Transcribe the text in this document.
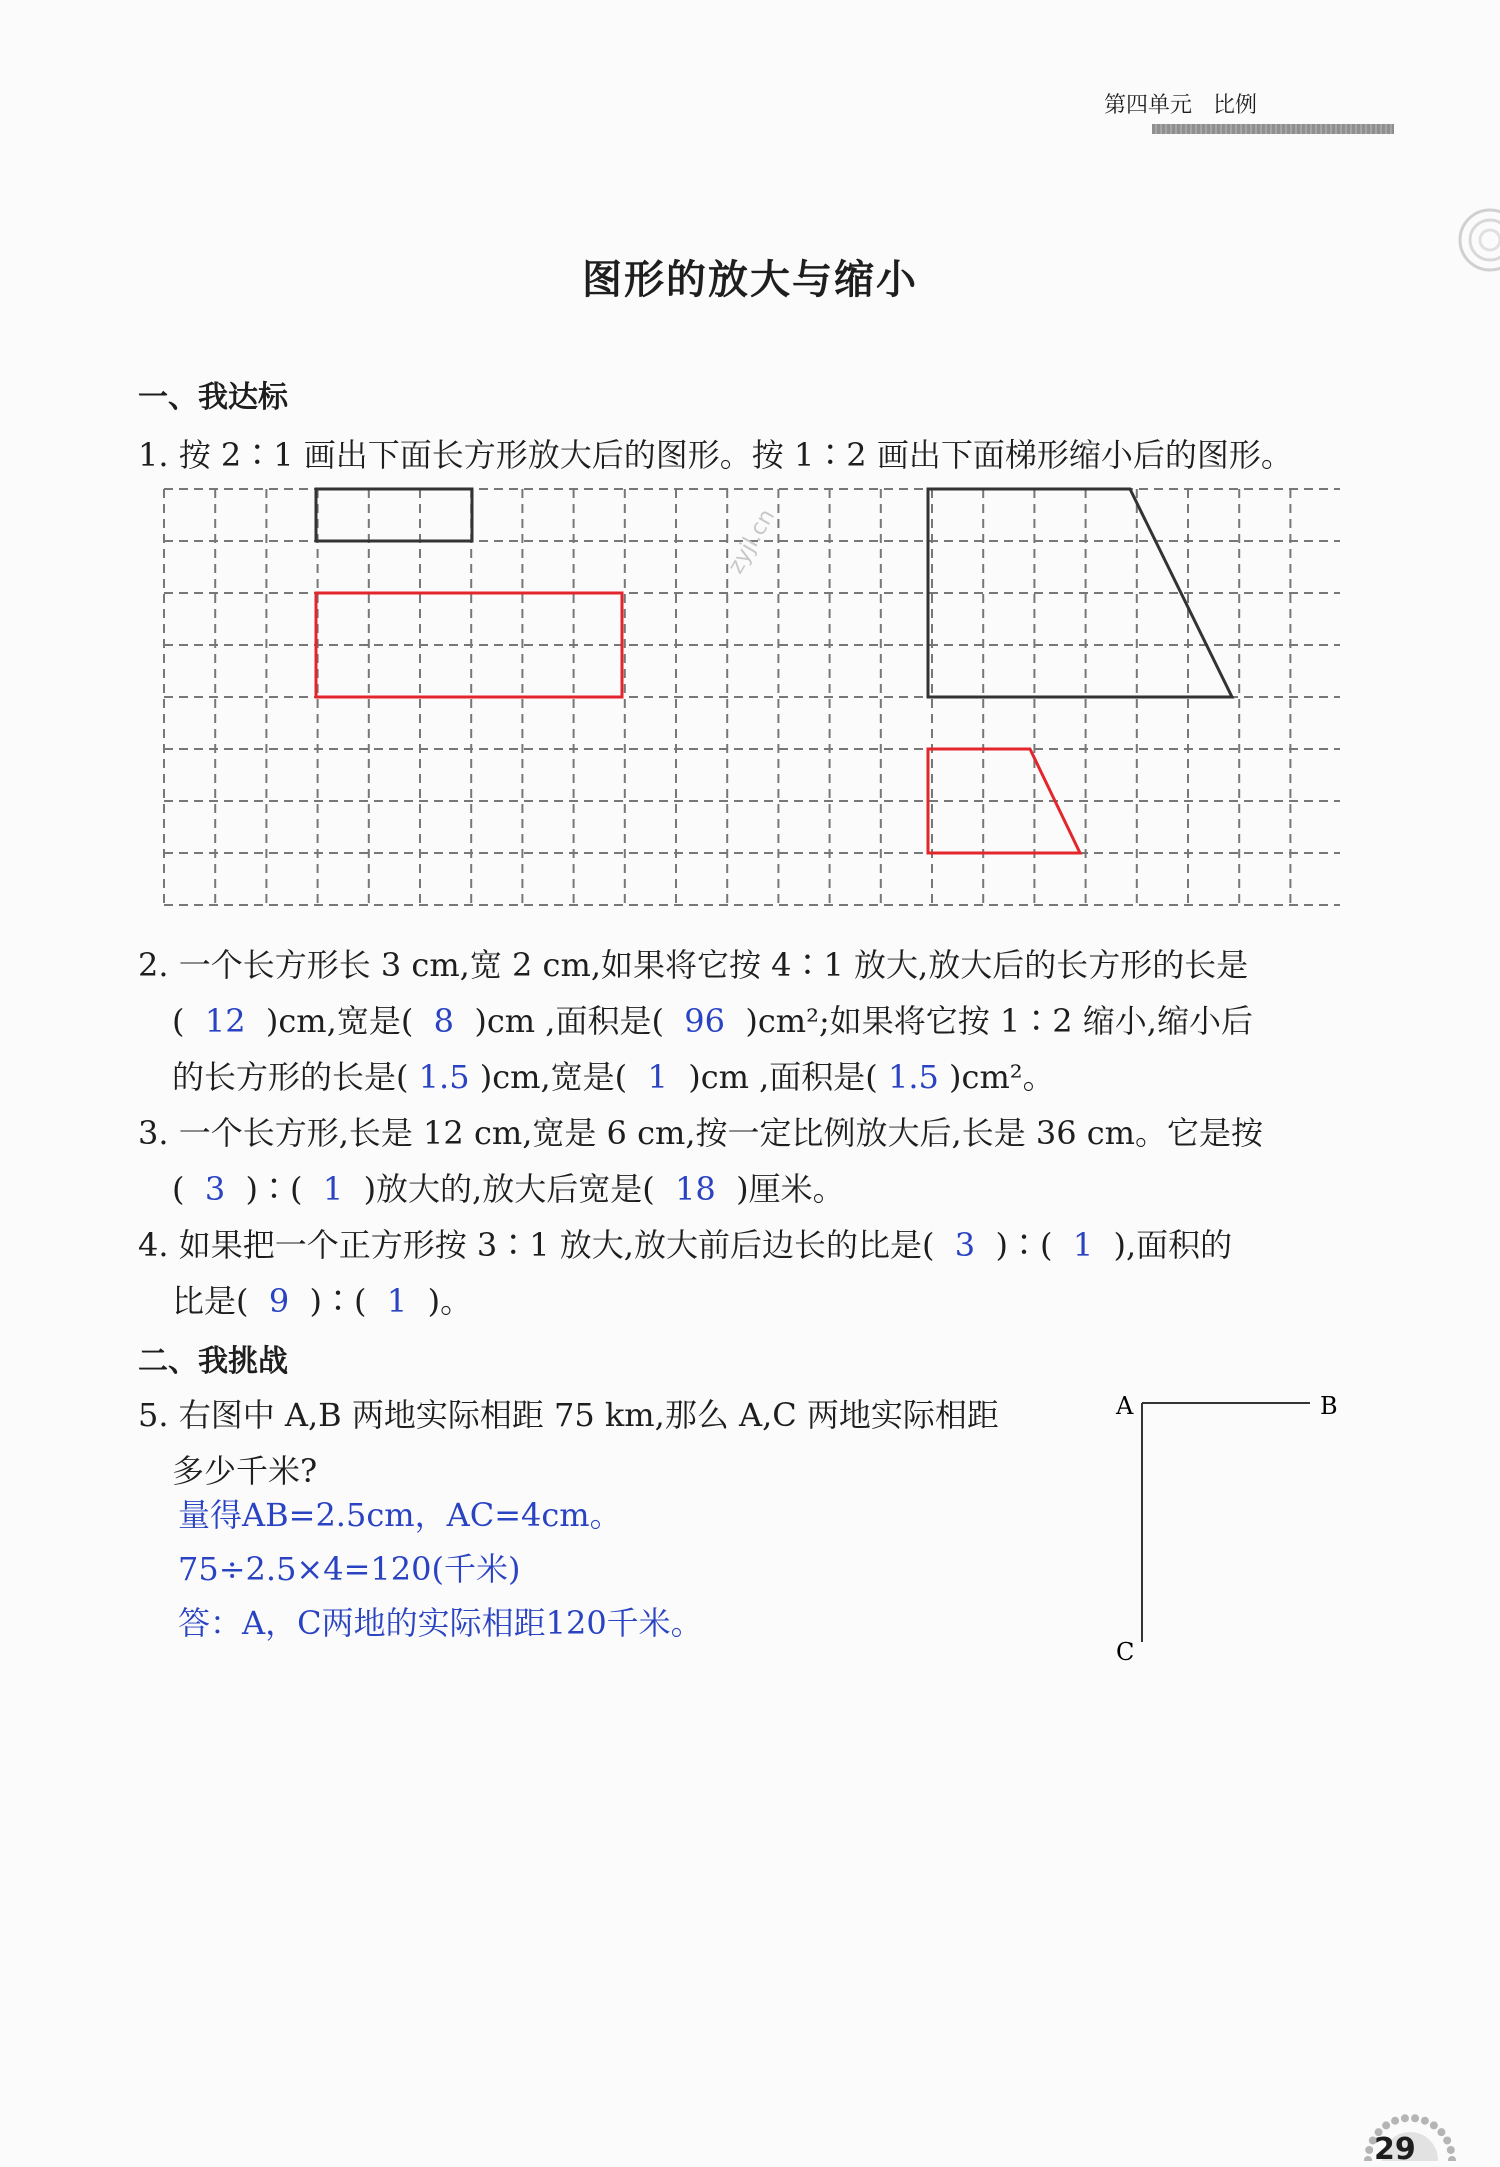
第四单元 比例
图形的放大与缩小
一、我达标
1. 按 2∶1 画出下面长方形放大后的图形。按 1∶2 画出下面梯形缩小后的图形。
zyjl.cn
2. 一个长方形长 3 cm,宽 2 cm,如果将它按 4∶1 放大,放大后的长方形的长是
( 12 )cm,宽是( 8 )cm ,面积是( 96 )cm²;如果将它按 1∶2 缩小,缩小后
的长方形的长是( 1.5 )cm,宽是( 1 )cm ,面积是( 1.5 )cm²。
3. 一个长方形,长是 12 cm,宽是 6 cm,按一定比例放大后,长是 36 cm。它是按
( 3 )∶( 1 )放大的,放大后宽是( 18 )厘米。
4. 如果把一个正方形按 3∶1 放大,放大前后边长的比是( 3 )∶( 1 ),面积的
比是( 9 )∶( 1 )。
二、我挑战
5. 右图中 A,B 两地实际相距 75 km,那么 A,C 两地实际相距
多少千米?
量得AB=2.5cm，AC=4cm。
75÷2.5×4=120(千米)
答：A，C两地的实际相距120千米。
A	B
C
29
